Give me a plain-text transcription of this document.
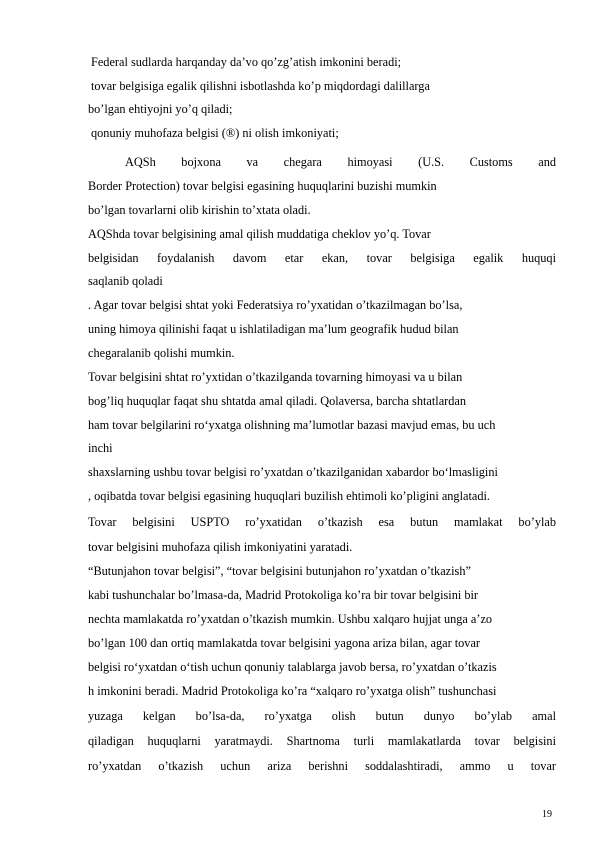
Federal sudlarda harqanday da’vo qo’zg’atish imkonini beradi;
tovar belgisiga egalik qilishni isbotlashda ko’p miqdordagi dalillarga
bo’lgan ehtiyojni yo’q qiladi;
qonuniy muhofaza belgisi (®) ni olish imkoniyati;
AQSh bojxona va chegara himoyasi (U.S. Customs and
Border Protection) tovar belgisi egasining huquqlarini buzishi mumkin
bo’lgan tovarlarni olib kirishin to’xtata oladi.
AQShda tovar belgisining amal qilish muddatiga cheklov yo’q. Tovar
belgisidan foydalanish davom etar ekan, tovar belgisiga egalik huquqi
saqlanib qoladi
. Agar tovar belgisi shtat yoki Federatsiya ro’yxatidan o’tkazilmagan bo’lsa,
uning himoya qilinishi faqat u ishlatiladigan ma’lum geografik hudud bilan
chegaralanib qolishi mumkin.
Tovar belgisini shtat ro’yxtidan o’tkazilganda tovarning himoyasi va u bilan
bog’liq huquqlar faqat shu shtatda amal qiladi. Qolaversa, barcha shtatlardan
ham tovar belgilarini ro‘yxatga olishning ma’lumotlar bazasi mavjud emas, bu uch
inchi
shaxslarning ushbu tovar belgisi ro’yxatdan o’tkazilganidan xabardor bo‘lmasligini
, oqibatda tovar belgisi egasining huquqlari buzilish ehtimoli ko’pligini anglatadi.
Tovar belgisini USPTO ro’yxatidan o’tkazish esa butun mamlakat bo’ylab
tovar belgisini muhofaza qilish imkoniyatini yaratadi.
“Butunjahon tovar belgisi”, “tovar belgisini butunjahon ro’yxatdan o’tkazish”
kabi tushunchalar bo’lmasa-da, Madrid Protokoliga ko’ra bir tovar belgisini bir
nechta mamlakatda ro’yxatdan o’tkazish mumkin. Ushbu xalqaro hujjat unga a’zo
bo’lgan 100 dan ortiq mamlakatda tovar belgisini yagona ariza bilan, agar tovar
belgisi ro‘yxatdan o‘tish uchun qonuniy talablarga javob bersa, ro’yxatdan o’tkazis
h imkonini beradi. Madrid Protokoliga ko’ra “xalqaro ro’yxatga olish” tushunchasi
yuzaga kelgan bo’lsa-da, ro’yxatga olish butun dunyo bo’ylab amal
qiladigan huquqlarni yaratmaydi. Shartnoma turli mamlakatlarda tovar belgisini
ro’yxatdan o’tkazish uchun ariza berishni soddalashtiradi, ammo u tovar
19
